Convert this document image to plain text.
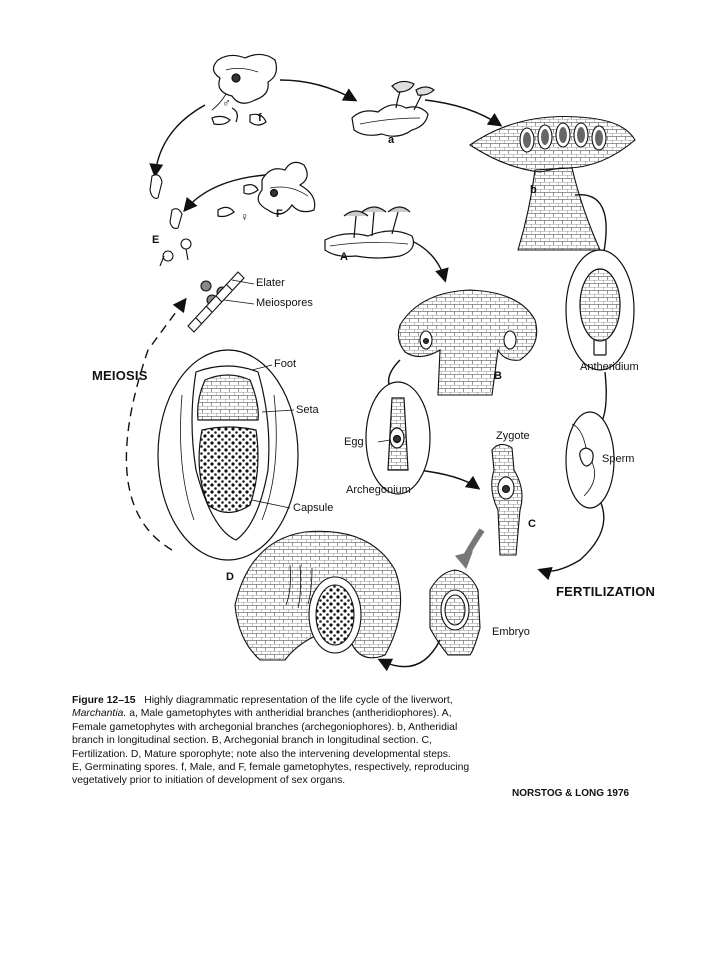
f
a
b
F
♀
♂
A
E
Elater
Meiospores
MEIOSIS
Foot
Seta
Capsule
D
B
Antheridium
Egg
Archegonium
Zygote
Sperm
C
FERTILIZATION
Embryo
Figure 12–15 Highly diagrammatic representation of the life cycle of the liverwort,
Marchantia. a, Male gametophytes with antheridial branches (antheridiophores). A,
Female gametophytes with archegonial branches (archegoniophores). b, Antheridial
branch in longitudinal section. B, Archegonial branch in longitudinal section. C,
Fertilization. D, Mature sporophyte; note also the intervening developmental steps.
E, Germinating spores. f, Male, and F, female gametophytes, respectively, reproducing
vegetatively prior to initiation of development of sex organs.
NORSTOG & LONG 1976
